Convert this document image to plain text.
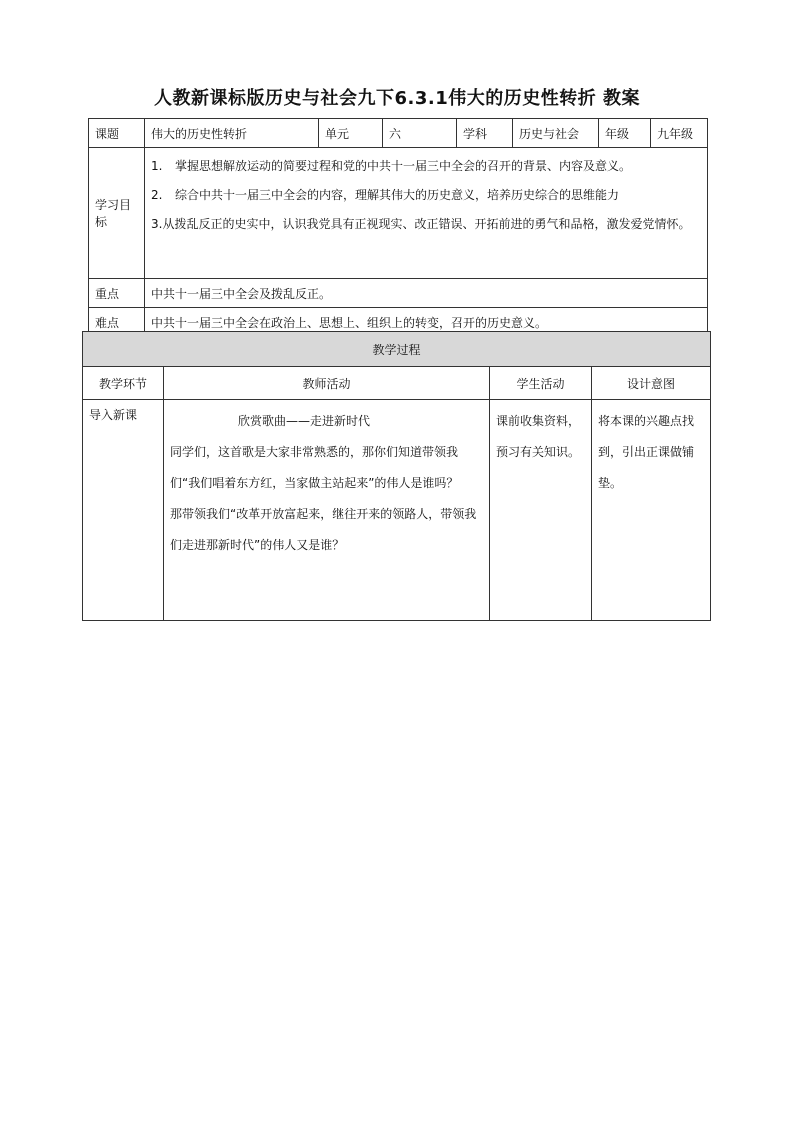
人教新课标版历史与社会九下6.3.1伟大的历史性转折 教案
课题	伟大的历史性转折	单元	六	学科	历史与社会	年级	九年级
学习目标	1. 掌握思想解放运动的简要过程和党的中共十一届三中全会的召开的背景、内容及意义。
2. 综合中共十一届三中全会的内容，理解其伟大的历史意义，培养历史综合的思维能力
3.从拨乱反正的史实中，认识我党具有正视现实、改正错误、开拓前进的勇气和品格，激发爱党情怀。						

重点	中共十一届三中全会及拨乱反正。						
难点	中共十一届三中全会在政治上、思想上、组织上的转变，召开的历史意义。						
教学过程			
教学环节	教师活动	学生活动	设计意图
导入新课	欣赏歌曲——走进新时代
同学们，这首歌是大家非常熟悉的，那你们知道带领我们“我们唱着东方红，当家做主站起来”的伟人是谁吗？
那带领我们“改革开放富起来，继往开来的领路人，带领我们走进那新时代”的伟人又是谁？	课前收集资料，预习有关知识。	将本课的兴趣点找到，引出正课做铺垫。
